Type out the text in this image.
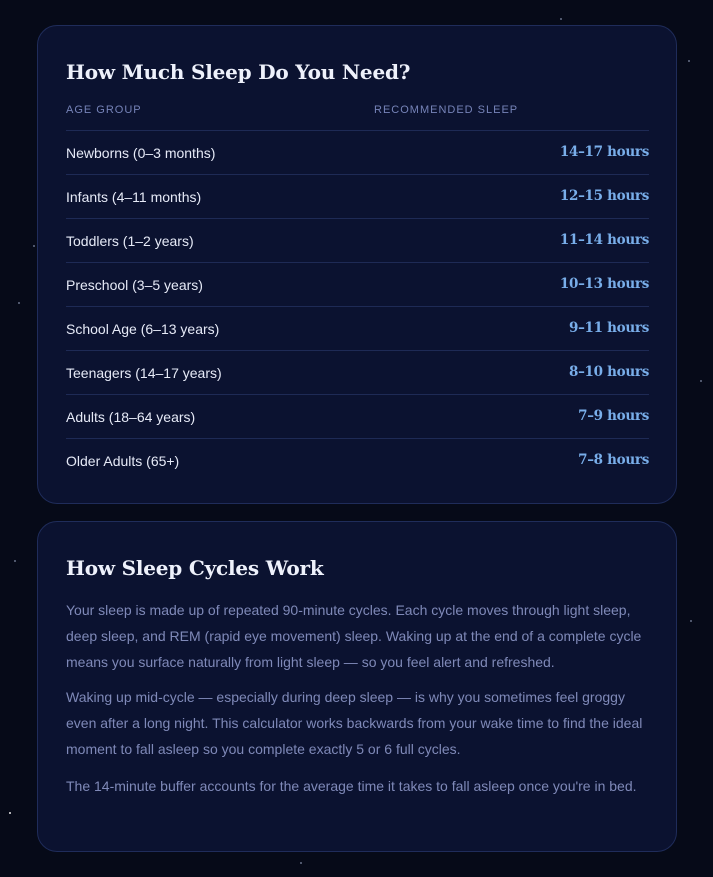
How Much Sleep Do You Need?
AGE GROUP	RECOMMENDED SLEEP
Newborns (0–3 months)	14–17 hours
Infants (4–11 months)	12–15 hours
Toddlers (1–2 years)	11–14 hours
Preschool (3–5 years)	10–13 hours
School Age (6–13 years)	9–11 hours
Teenagers (14–17 years)	8–10 hours
Adults (18–64 years)	7–9 hours
Older Adults (65+)	7–8 hours
How Sleep Cycles Work

Your sleep is made up of repeated 90-minute cycles. Each cycle moves through light sleep, deep sleep, and REM (rapid eye movement) sleep. Waking up at the end of a complete cycle means you surface naturally from light sleep — so you feel alert and refreshed.

Waking up mid-cycle — especially during deep sleep — is why you sometimes feel groggy even after a long night. This calculator works backwards from your wake time to find the ideal moment to fall asleep so you complete exactly 5 or 6 full cycles.

The 14-minute buffer accounts for the average time it takes to fall asleep once you're in bed.
